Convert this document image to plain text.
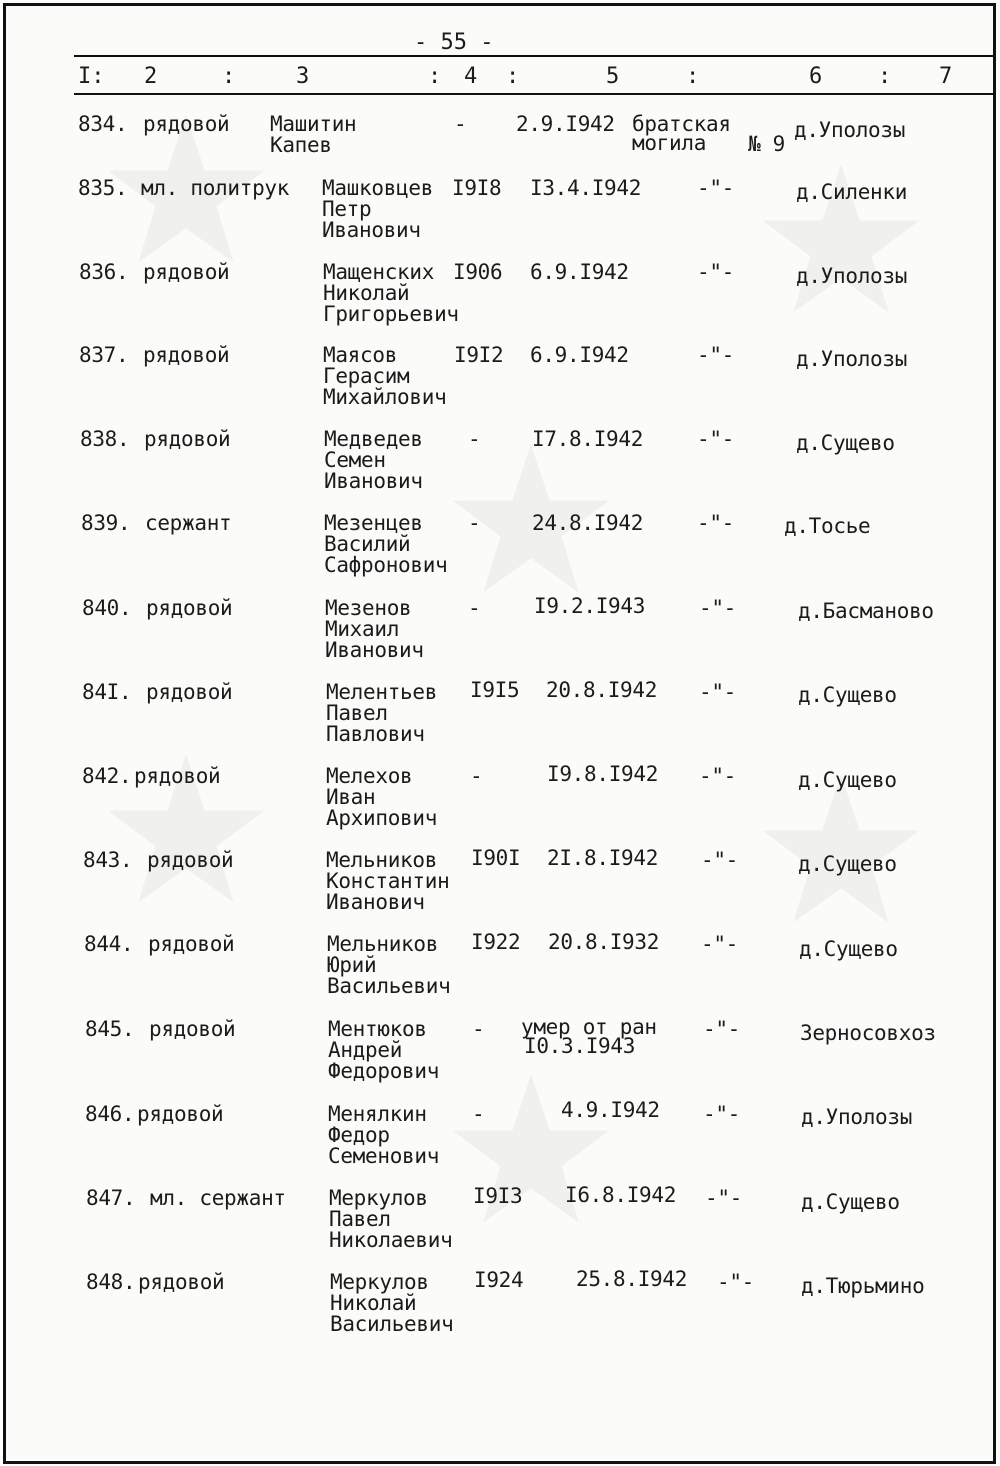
- 55 -
I: 2	:	3	: 4 :	5	:	6	: 7
834. рядовой Машитин
Капев
- 2.9.I942 братская
могила № 9
д.Уполозы
835. мл. политрук Машковцев
Петр
Иванович
I9I8 I3.4.I942	-"-	д.Силенки
836. рядовой	Мащенских
Николай
Григорьевич
I906 6.9.I942	-"-	д.Уполозы
837. рядовой	Маясов
Герасим
Михайлович
I9I2 6.9.I942	-"-	д.Уполозы
838. рядовой	Медведев
Семен
Иванович
- I7.8.I942	-"-	д.Сущево
839. сержант	Мезенцев
Василий
Сафронович
- 24.8.I942	-"- д.Тосье
840. рядовой	Мезенов
Михаил
Иванович
-	I9.2.I943	-"-	д.Басманово
84I. рядовой	Мелентьев
Павел
Павлович
I9I5 20.8.I942 -"-	д.Сущево
842. рядовой	Мелехов
Иван
Архипович
-	I9.8.I942 -"-	д.Сущево
843. рядовой	Мельников
Константин
Иванович
I90I 2I.8.I942 -"-	д.Сущево
844. рядовой	Мельников
Юрий
Васильевич
I922 20.8.I932 -"-	д.Сущево
845. рядовой	Ментюков
Андрей
Федорович
- умер от ран
I0.3.I943
-"-	Зерносовхоз
846. рядовой	Менялкин
Федор
Семенович
-	4.9.I942 -"-	д.Уполозы
847. мл. сержант Меркулов
Павел
Николаевич
I9I3 I6.8.I942 -"-	д.Сущево
848. рядовой	Меркулов
Николай
Васильевич
I924	25.8.I942 -"- д.Тюрьмино
